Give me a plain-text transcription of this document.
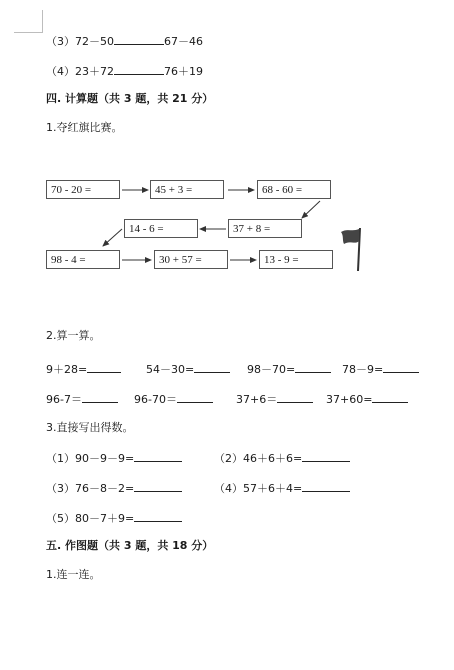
（3）72－50	67－46
（4）23＋72	76＋19
四. 计算题（共 3 题，共 21 分）
1.夺红旗比赛。
70 - 20 =	45 + 3 =	68 - 60 =
14 - 6 =	37 + 8 =
98 - 4 =	30 + 57 =	13 - 9 =
2.算一算。
9＋28=	54－30=	98－70=	78－9=
96-7＝	96-70＝	37+6＝	37+60=
3.直接写出得数。
（1）90－9－9=	（2）46＋6＋6=
（3）76－8－2=	（4）57＋6＋4=
（5）80－7＋9=
五. 作图题（共 3 题，共 18 分）
1.连一连。
